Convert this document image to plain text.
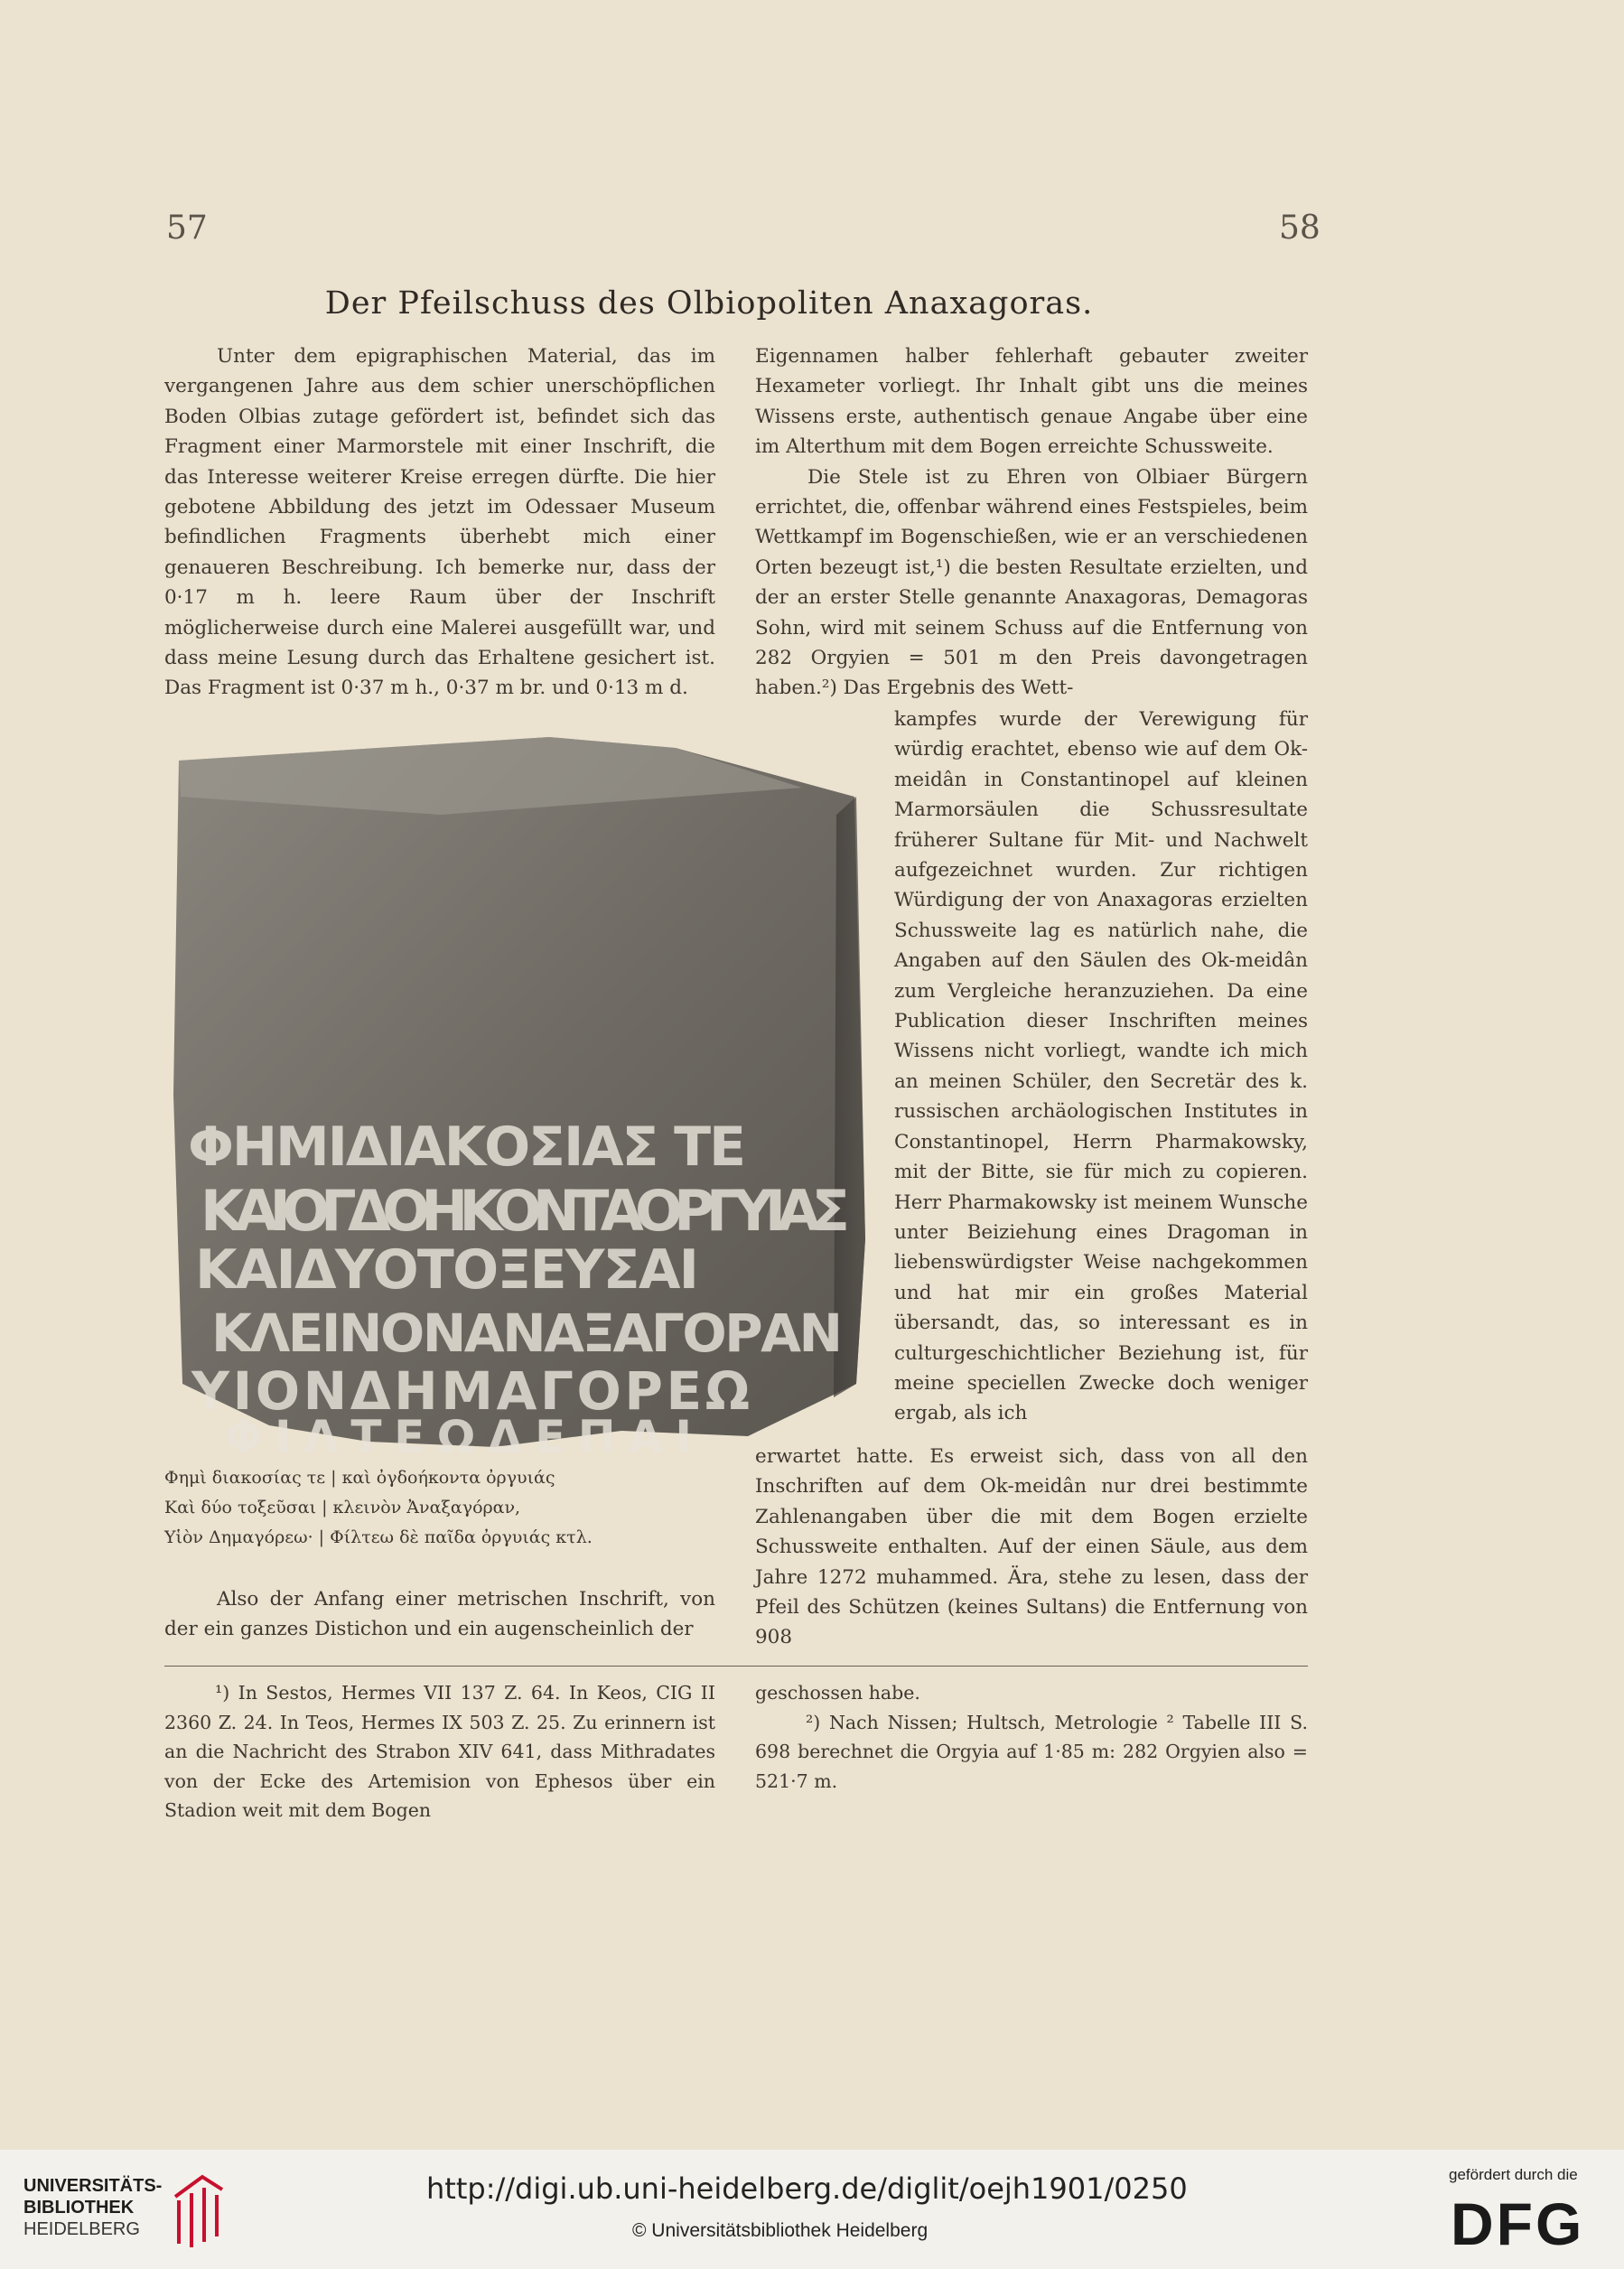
57	58
Der Pfeilschuss des Olbiopoliten Anaxagoras.

Unter dem epigraphischen Material, das im vergangenen Jahre aus dem schier unerschöpflichen Boden Olbias zutage gefördert ist, befindet sich das Fragment einer Marmorstele mit einer Inschrift, die das Interesse weiterer Kreise erregen dürfte. Die hier gebotene Abbildung des jetzt im Odessaer Museum befindlichen Fragments überhebt mich einer genaueren Beschreibung. Ich bemerke nur, dass der 0·17 m h. leere Raum über der Inschrift möglicherweise durch eine Malerei ausgefüllt war, und dass meine Lesung durch das Erhaltene gesichert ist. Das Fragment ist 0·37 m h., 0·37 m br. und 0·13 m d.

ΦΗΜΙΔΙΑΚΟΣΙΑΣ ΤΕ
ΚΑΙΟΓΔΟΗΚΟΝΤΑΟΡΓΥΙΑΣ
ΚΑΙΔΥΟΤΟΞΕΥΣΑΙ
ΚΛΕΙΝΟΝΑΝΑΞΑΓΟΡΑΝ
ΥΙΟΝΔΗΜΑΓΟΡΕΩ
ΦΙΛΤΕΩΔΕΠΑΙ
Φημὶ διακοσίας τε | καὶ ὀγδοήκοντα ὀργυιάς
Καὶ δύο τοξεῦσαι | κλεινὸν Ἀναξαγόραν,
Υἱὸν Δημαγόρεω· | Φίλτεω δὲ παῖδα ὀργυιάς κτλ.

Also der Anfang einer metrischen Inschrift, von der ein ganzes Distichon und ein augenscheinlich der

Eigennamen halber fehlerhaft gebauter zweiter Hexameter vorliegt. Ihr Inhalt gibt uns die meines Wissens erste, authentisch genaue Angabe über eine im Alterthum mit dem Bogen erreichte Schussweite.

Die Stele ist zu Ehren von Olbiaer Bürgern errichtet, die, offenbar während eines Festspieles, beim Wettkampf im Bogenschießen, wie er an verschiedenen Orten bezeugt ist,¹) die besten Resultate erzielten, und der an erster Stelle genannte Anaxagoras, Demagoras Sohn, wird mit seinem Schuss auf die Entfernung von 282 Orgyien = 501 m den Preis davongetragen haben.²) Das Ergebnis des Wett-

kampfes wurde der Verewigung für würdig erachtet, ebenso wie auf dem Ok-meidân in Constantinopel auf kleinen Marmorsäulen die Schussresultate früherer Sultane für Mit- und Nachwelt aufgezeichnet wurden. Zur richtigen Würdigung der von Anaxagoras erzielten Schussweite lag es natürlich nahe, die Angaben auf den Säulen des Ok-meidân zum Vergleiche heranzuziehen. Da eine Publication dieser Inschriften meines Wissens nicht vorliegt, wandte ich mich an meinen Schüler, den Secretär des k. russischen archäologischen Institutes in Constantinopel, Herrn Pharmakowsky, mit der Bitte, sie für mich zu copieren. Herr Pharmakowsky ist meinem Wunsche unter Beiziehung eines Dragoman in liebenswürdigster Weise nachgekommen und hat mir ein großes Material übersandt, das, so interessant es in culturgeschichtlicher Beziehung ist, für meine speciellen Zwecke doch weniger ergab, als ich

erwartet hatte. Es erweist sich, dass von all den Inschriften auf dem Ok-meidân nur drei bestimmte Zahlenangaben über die mit dem Bogen erzielte Schussweite enthalten. Auf der einen Säule, aus dem Jahre 1272 muhammed. Ära, stehe zu lesen, dass der Pfeil des Schützen (keines Sultans) die Entfernung von 908

¹) In Sestos, Hermes VII 137 Z. 64. In Keos, CIG II 2360 Z. 24. In Teos, Hermes IX 503 Z. 25. Zu erinnern ist an die Nachricht des Strabon XIV 641, dass Mithradates von der Ecke des Artemision von Ephesos über ein Stadion weit mit dem Bogen

geschossen habe.

²) Nach Nissen; Hultsch, Metrologie ² Tabelle III S. 698 berechnet die Orgyia auf 1·85 m: 282 Orgyien also = 521·7 m.

UNIVERSITÄTS-
BIBLIOTHEK
HEIDELBERG
http://digi.ub.uni-heidelberg.de/diglit/oejh1901/0250
© Universitätsbibliothek Heidelberg
gefördert durch die
DFG
